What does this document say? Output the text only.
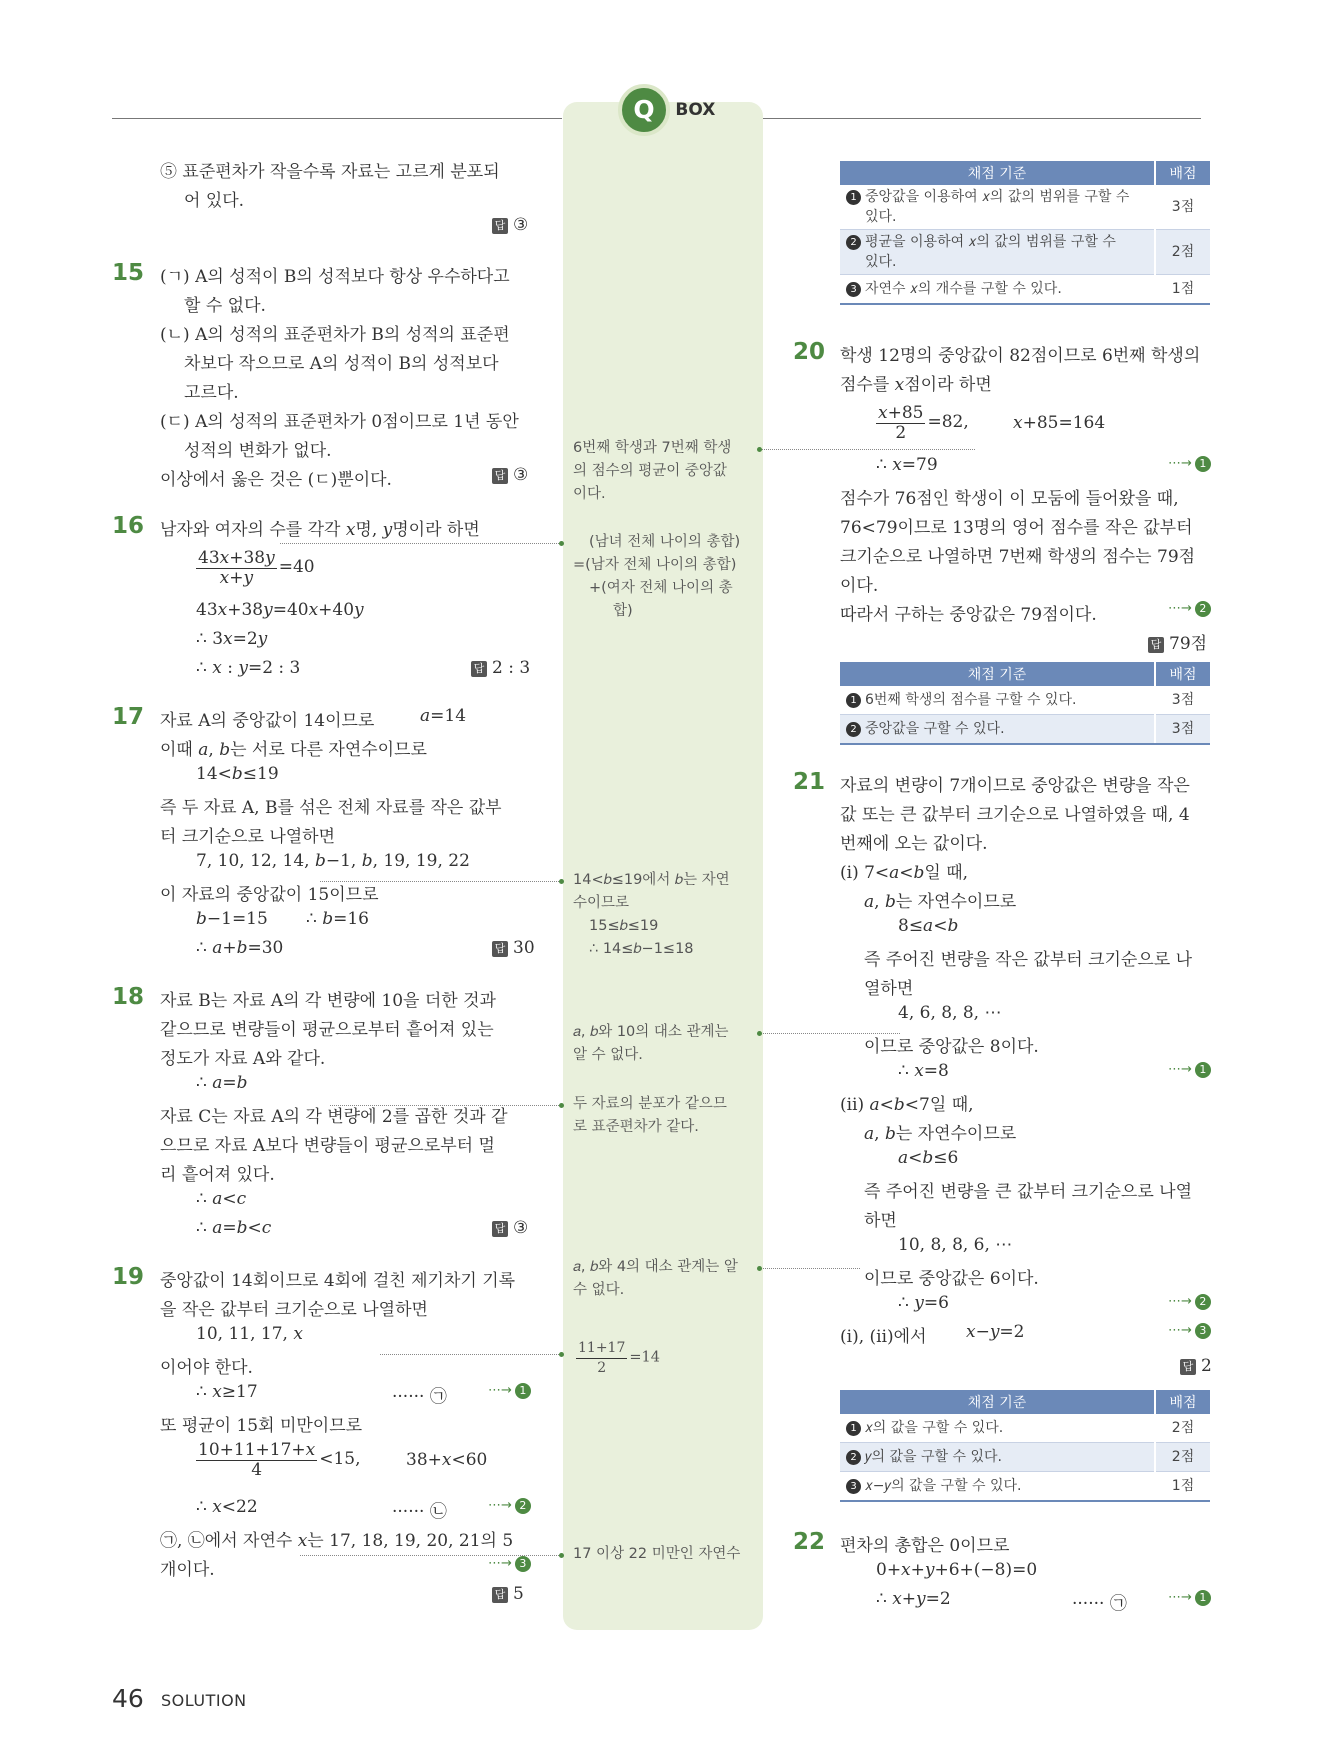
Q BOX
⑤ 표준편차가 작을수록 자료는 고르게 분포되
어 있다.
답 ③
15 (ㄱ) A의 성적이 B의 성적보다 항상 우수하다고
할 수 없다.
(ㄴ) A의 성적의 표준편차가 B의 성적의 표준편
차보다 작으므로 A의 성적이 B의 성적보다
고르다.
(ㄷ) A의 성적의 표준편차가 0점이므로 1년 동안
성적의 변화가 없다.
이상에서 옳은 것은 (ㄷ)뿐이다.	답 ③
16 남자와 여자의 수를 각각 𝑥명, 𝑦명이라 하면
$\frac{\text{43𝑥+38𝑦}}{\text{𝑥+𝑦}} =40$
43𝑥+38𝑦=40𝑥+40𝑦
∴ 3𝑥=2𝑦
∴ 𝑥 : 𝑦=2 : 3	답 2 : 3
17 자료 A의 중앙값이 14이므로	𝑎=14
이때 𝑎, 𝑏는 서로 다른 자연수이므로
14<𝑏≤19
즉 두 자료 A, B를 섞은 전체 자료를 작은 값부
터 크기순으로 나열하면
7, 10, 12, 14, 𝑏−1, 𝑏, 19, 19, 22
이 자료의 중앙값이 15이므로
𝑏−1=15 ∴ 𝑏=16
∴ 𝑎+𝑏=30	답 30
18 자료 B는 자료 A의 각 변량에 10을 더한 것과
같으므로 변량들이 평균으로부터 흩어져 있는
정도가 자료 A와 같다.
∴ 𝑎=𝑏
자료 C는 자료 A의 각 변량에 2를 곱한 것과 같
으므로 자료 A보다 변량들이 평균으로부터 멀
리 흩어져 있다.
∴ 𝑎<𝑐
∴ 𝑎=𝑏<𝑐	답 ③
19 중앙값이 14회이므로 4회에 걸친 제기차기 기록
을 작은 값부터 크기순으로 나열하면
10, 11, 17, 𝑥
이어야 한다.
∴ 𝑥≥17	······ ㉠	⋯→ 1
또 평균이 15회 미만이므로
$\frac{\text{10+11+17+𝑥}}{4} <15$,	38+𝑥<60
∴ 𝑥<22	······ ㉡	⋯→ 2
㉠, ㉡에서 자연수 𝑥는 17, 18, 19, 20, 21의 5
개이다.	⋯→ 3
답 5
6번째 학생과 7번째 학생
의 점수의 평균이 중앙값
이다.
(남녀 전체 나이의 총합)
=(남자 전체 나이의 총합)
+(여자 전체 나이의 총
합)
14<𝑏≤19에서 𝑏는 자연
수이므로
15≤𝑏≤19
∴ 14≤𝑏−1≤18
𝑎, 𝑏와 10의 대소 관계는
알 수 없다.
두 자료의 분포가 같으므
로 표준편차가 같다.
𝑎, 𝑏와 4의 대소 관계는 알
수 없다.
$\frac{11+17}{2} =14$
17 이상 22 미만인 자연수
채점 기준	배점
1 중앙값을 이용하여 𝑥의 값의 범위를 구할 수
있다.	3점
2 평균을 이용하여 𝑥의 값의 범위를 구할 수
있다.	2점
3 자연수 𝑥의 개수를 구할 수 있다.	1점
20 학생 12명의 중앙값이 82점이므로 6번째 학생의
점수를 𝑥점이라 하면
$\frac{\text{𝑥+85}}{2} =82$,	𝑥+85=164
∴ 𝑥=79	⋯→ 1
점수가 76점인 학생이 이 모둠에 들어왔을 때,
76<79이므로 13명의 영어 점수를 작은 값부터
크기순으로 나열하면 7번째 학생의 점수는 79점
이다.
따라서 구하는 중앙값은 79점이다.	⋯→ 2
답 79점
채점 기준	배점
1 6번째 학생의 점수를 구할 수 있다.	3점
2 중앙값을 구할 수 있다.	3점
21 자료의 변량이 7개이므로 중앙값은 변량을 작은
값 또는 큰 값부터 크기순으로 나열하였을 때, 4
번째에 오는 값이다.
(ⅰ) 7<𝑎<𝑏일 때,
𝑎, 𝑏는 자연수이므로
8≤𝑎<𝑏
즉 주어진 변량을 작은 값부터 크기순으로 나
열하면
4, 6, 8, 8, ⋯
이므로 중앙값은 8이다.
∴ 𝑥=8	⋯→ 1
(ⅱ) 𝑎<𝑏<7일 때,
𝑎, 𝑏는 자연수이므로
𝑎<𝑏≤6
즉 주어진 변량을 큰 값부터 크기순으로 나열
하면
10, 8, 8, 6, ⋯
이므로 중앙값은 6이다.
∴ 𝑦=6	⋯→ 2
(ⅰ), (ⅱ)에서 𝑥−𝑦=2	⋯→ 3
답 2
채점 기준	배점
1 𝑥의 값을 구할 수 있다.	2점
2 𝑦의 값을 구할 수 있다.	2점
3 𝑥−𝑦의 값을 구할 수 있다.	1점
22 편차의 총합은 0이므로
0+𝑥+𝑦+6+(−8)=0
∴ 𝑥+𝑦=2	······ ㉠	⋯→ 1
46 SOLUTION
